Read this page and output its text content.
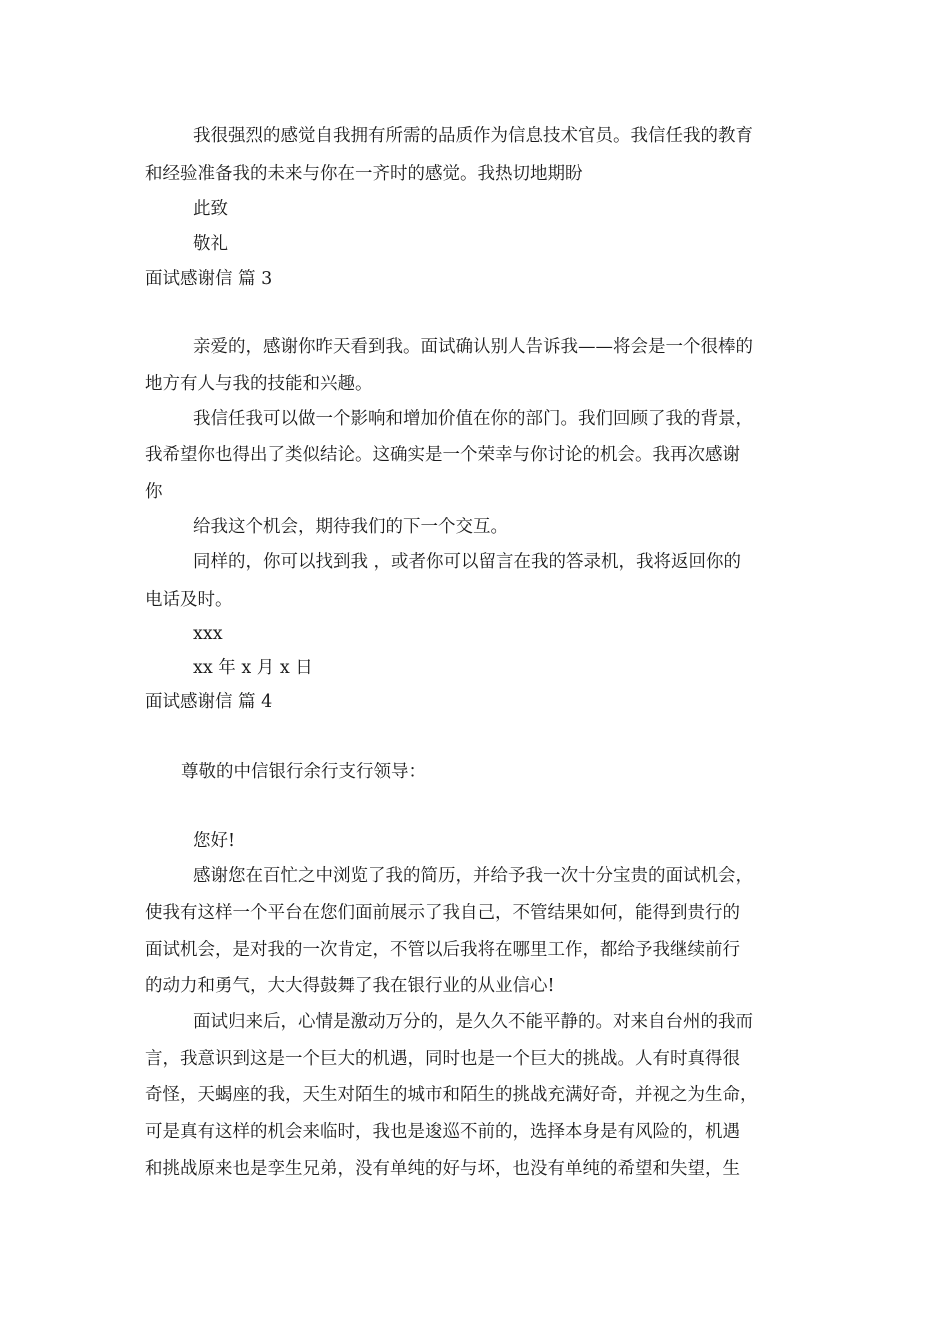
我很强烈的感觉自我拥有所需的品质作为信息技术官员。我信任我的教育
和经验准备我的未来与你在一齐时的感觉。我热切地期盼
此致
敬礼
面试感谢信 篇 3
亲爱的，感谢你昨天看到我。面试确认别人告诉我——将会是一个很棒的
地方有人与我的技能和兴趣。
我信任我可以做一个影响和增加价值在你的部门。我们回顾了我的背景，
我希望你也得出了类似结论。这确实是一个荣幸与你讨论的机会。我再次感谢
你
给我这个机会，期待我们的下一个交互。
同样的，你可以找到我 ，或者你可以留言在我的答录机，我将返回你的
电话及时。
xxx
xx 年 x 月 x 日
面试感谢信 篇 4
尊敬的中信银行余行支行领导：
您好!
感谢您在百忙之中浏览了我的简历，并给予我一次十分宝贵的面试机会，
使我有这样一个平台在您们面前展示了我自己，不管结果如何，能得到贵行的
面试机会，是对我的一次肯定，不管以后我将在哪里工作，都给予我继续前行
的动力和勇气，大大得鼓舞了我在银行业的从业信心!
面试归来后，心情是激动万分的，是久久不能平静的。对来自台州的我而
言，我意识到这是一个巨大的机遇，同时也是一个巨大的挑战。人有时真得很
奇怪，天蝎座的我，天生对陌生的城市和陌生的挑战充满好奇，并视之为生命，
可是真有这样的机会来临时，我也是逡巡不前的，选择本身是有风险的，机遇
和挑战原来也是孪生兄弟，没有单纯的好与坏，也没有单纯的希望和失望，生
